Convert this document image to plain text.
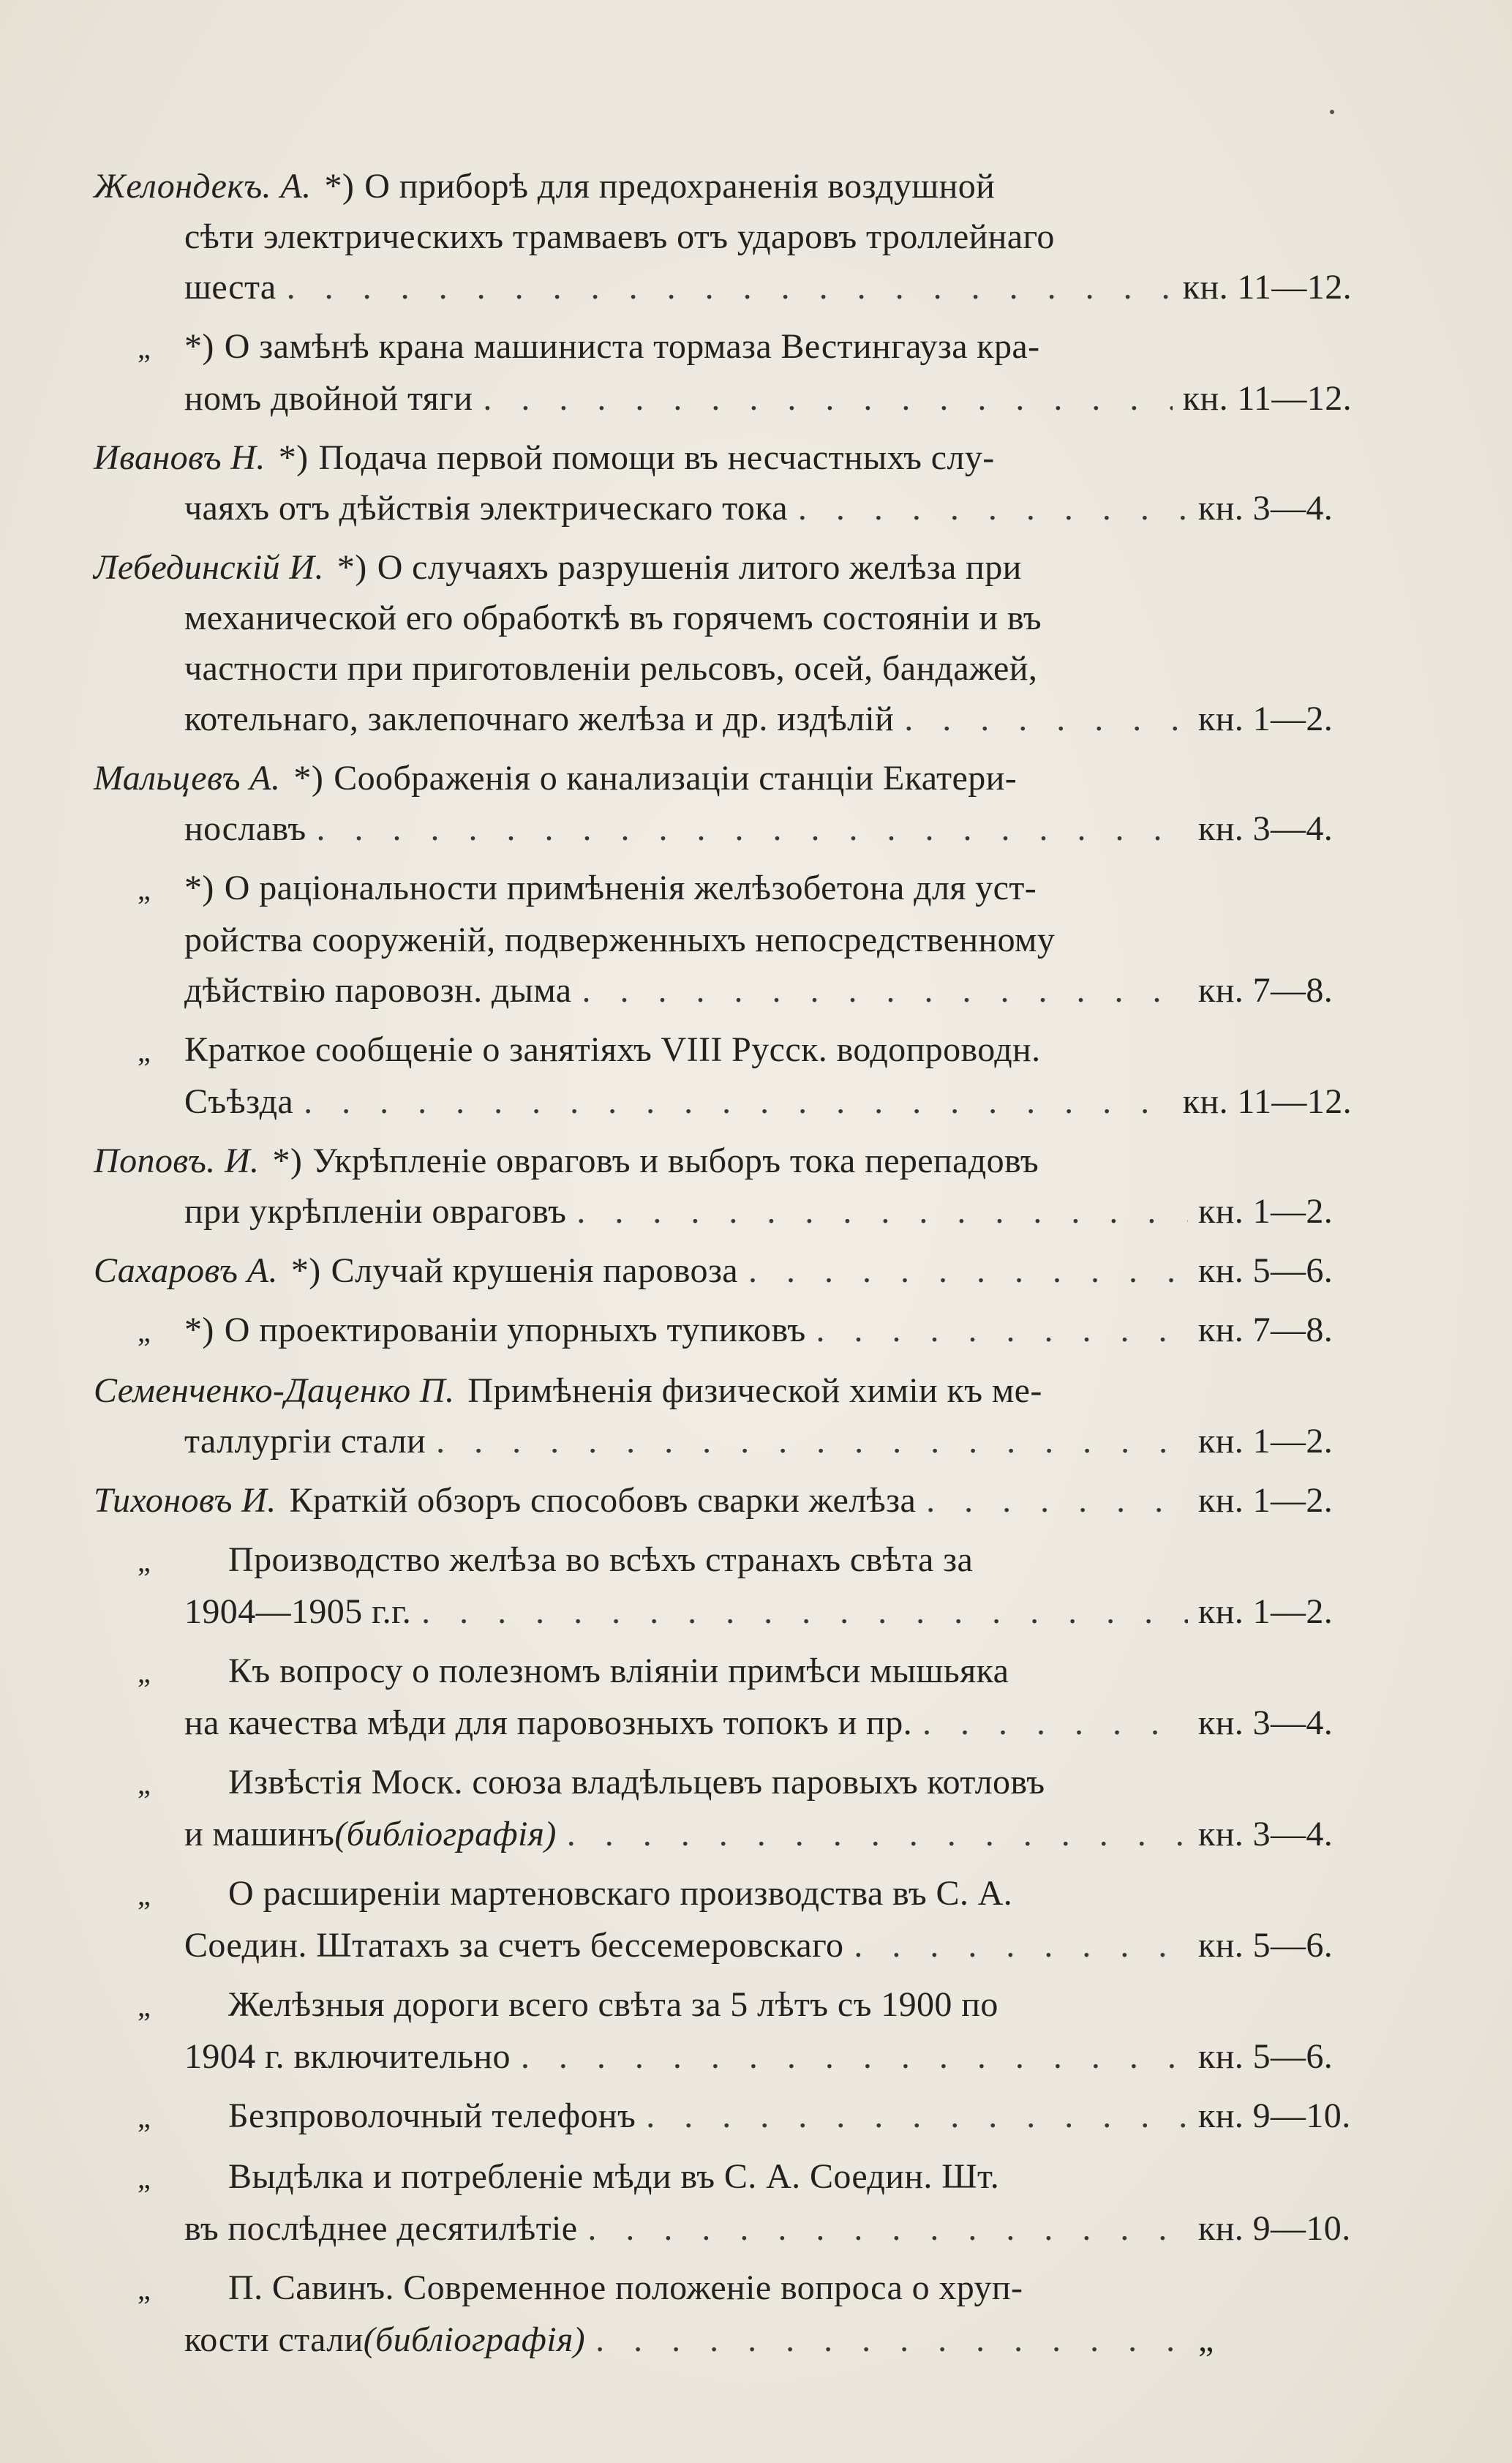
Желондекъ. А. *) О приборѣ для предохраненія воздушной
сѣти электрическихъ трамваевъ отъ ударовъ троллейнаго
шеста . . .	кн. 11—12.
„ *) О замѣнѣ крана машиниста тормаза Вестингауза кра-
номъ двойной тяги . . .	кн. 11—12.
Ивановъ Н. *) Подача первой помощи въ несчастныхъ слу-
чаяхъ отъ дѣйствія электрическаго тока . . .	кн. 3—4.
Лебединскій И. *) О случаяхъ разрушенія литого желѣза при
механической его обработкѣ въ горячемъ состояніи и въ
частности при приготовленіи рельсовъ, осей, бандажей,
котельнаго, заклепочнаго желѣза и др. издѣлій . . .	кн. 1—2.
Мальцевъ А. *) Соображенія о канализаціи станціи Екатери-
нославъ . . .	кн. 3—4.
„ *) О раціональности примѣненія желѣзобетона для уст-
ройства сооруженій, подверженныхъ непосредственному
дѣйствію паровозн. дыма . . .	кн. 7—8.
„ Краткое сообщеніе о занятіяхъ VIII Русск. водопроводн.
Съѣзда . . .	кн. 11—12.
Поповъ. И. *) Укрѣпленіе овраговъ и выборъ тока перепадовъ
при укрѣпленіи овраговъ . . .	кн. 1—2.
Сахаровъ А. *) Случай крушенія паровоза . . .	кн. 5—6.
„ *) О проектированіи упорныхъ тупиковъ . . .	кн. 7—8.
Семенченко-Даценко П. Примѣненія физической химіи къ ме-
таллургіи стали . . .	кн. 1—2.
Тихоновъ И. Краткій обзоръ способовъ сварки желѣза . . .	кн. 1—2.
„	Производство желѣза во всѣхъ странахъ свѣта за
1904—1905 г.г. . . .	кн. 1—2.
„	Къ вопросу о полезномъ вліяніи примѣси мышьяка
на качества мѣди для паровозныхъ топокъ и пр. . . .	кн. 3—4.
„	Извѣстія Моск. союза владѣльцевъ паровыхъ котловъ
и машинъ (библіографія) . . .	кн. 3—4.
„	О расширеніи мартеновскаго производства въ С. А.
Соедин. Штатахъ за счетъ бессемеровскаго . . .	кн. 5—6.
„	Желѣзныя дороги всего свѣта за 5 лѣтъ съ 1900 по
1904 г. включительно . . .	кн. 5—6.
„	Безпроволочный телефонъ . . .	кн. 9—10.
„	Выдѣлка и потребленіе мѣди въ С. А. Соедин. Шт.
въ послѣднее десятилѣтіе . . .	кн. 9—10.
„	П. Савинъ. Современное положеніе вопроса о хруп-
кости стали (библіографія) . . .	„
